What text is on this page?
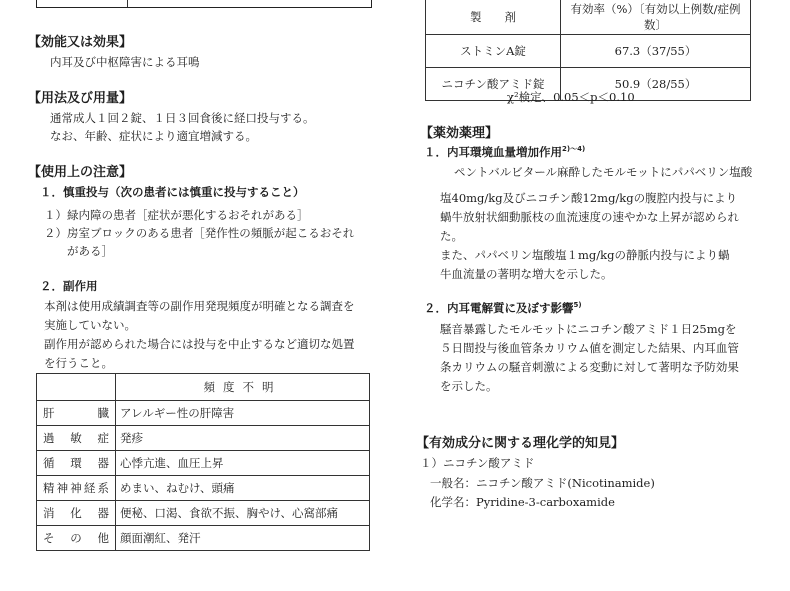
【効能又は効果】
内耳及び中枢障害による耳鳴
【用法及び用量】
通常成人１回２錠、１日３回食後に経口投与する。
なお、年齢、症状により適宜増減する。
【使用上の注意】
１．慎重投与（次の患者には慎重に投与すること）
１）緑内障の患者［症状が悪化するおそれがある］
２）房室ブロックのある患者［発作性の頻脈が起こるおそれ
　　がある］
２．副作用
本剤は使用成績調査等の副作用発現頻度が明確となる調査を
実施していない。
副作用が認められた場合には投与を中止するなど適切な処置
を行うこと。
	頻度不明
肝臓	アレルギー性の肝障害
過敏症	発疹
循環器	心悸亢進、血圧上昇
精神神経系	めまい、ねむけ、頭痛
消化器	便秘、口渇、食欲不振、胸やけ、心窩部痛
その他	顔面潮紅、発汗
製　　剤	有効率（%）〔有効以上例数/症例数〕
ストミンA錠	67.3（37/55）
ニコチン酸アミド錠	50.9（28/55）
χ²検定、0.05＜p＜0.10
【薬効薬理】
１．内耳環境血量増加作用$^{2)\sim 4)}$
ペントバルビタール麻酔したモルモットにパパベリン塩酸
塩40mg/kg及びニコチン酸12mg/kgの腹腔内投与により
蝸牛放射状細動脈枝の血流速度の速やかな上昇が認められ
た。
また、パパベリン塩酸塩１mg/kgの静脈内投与により蝸
牛血流量の著明な増大を示した。
２．内耳電解質に及ぼす影響$^{5)}$
騒音暴露したモルモットにニコチン酸アミド１日25mgを
５日間投与後血管条カリウム値を測定した結果、内耳血管
条カリウムの騒音刺激による変動に対して著明な予防効果
を示した。
【有効成分に関する理化学的知見】
１）ニコチン酸アミド
一般名：ニコチン酸アミド(Nicotinamide)
化学名：Pyridine-3-carboxamide
